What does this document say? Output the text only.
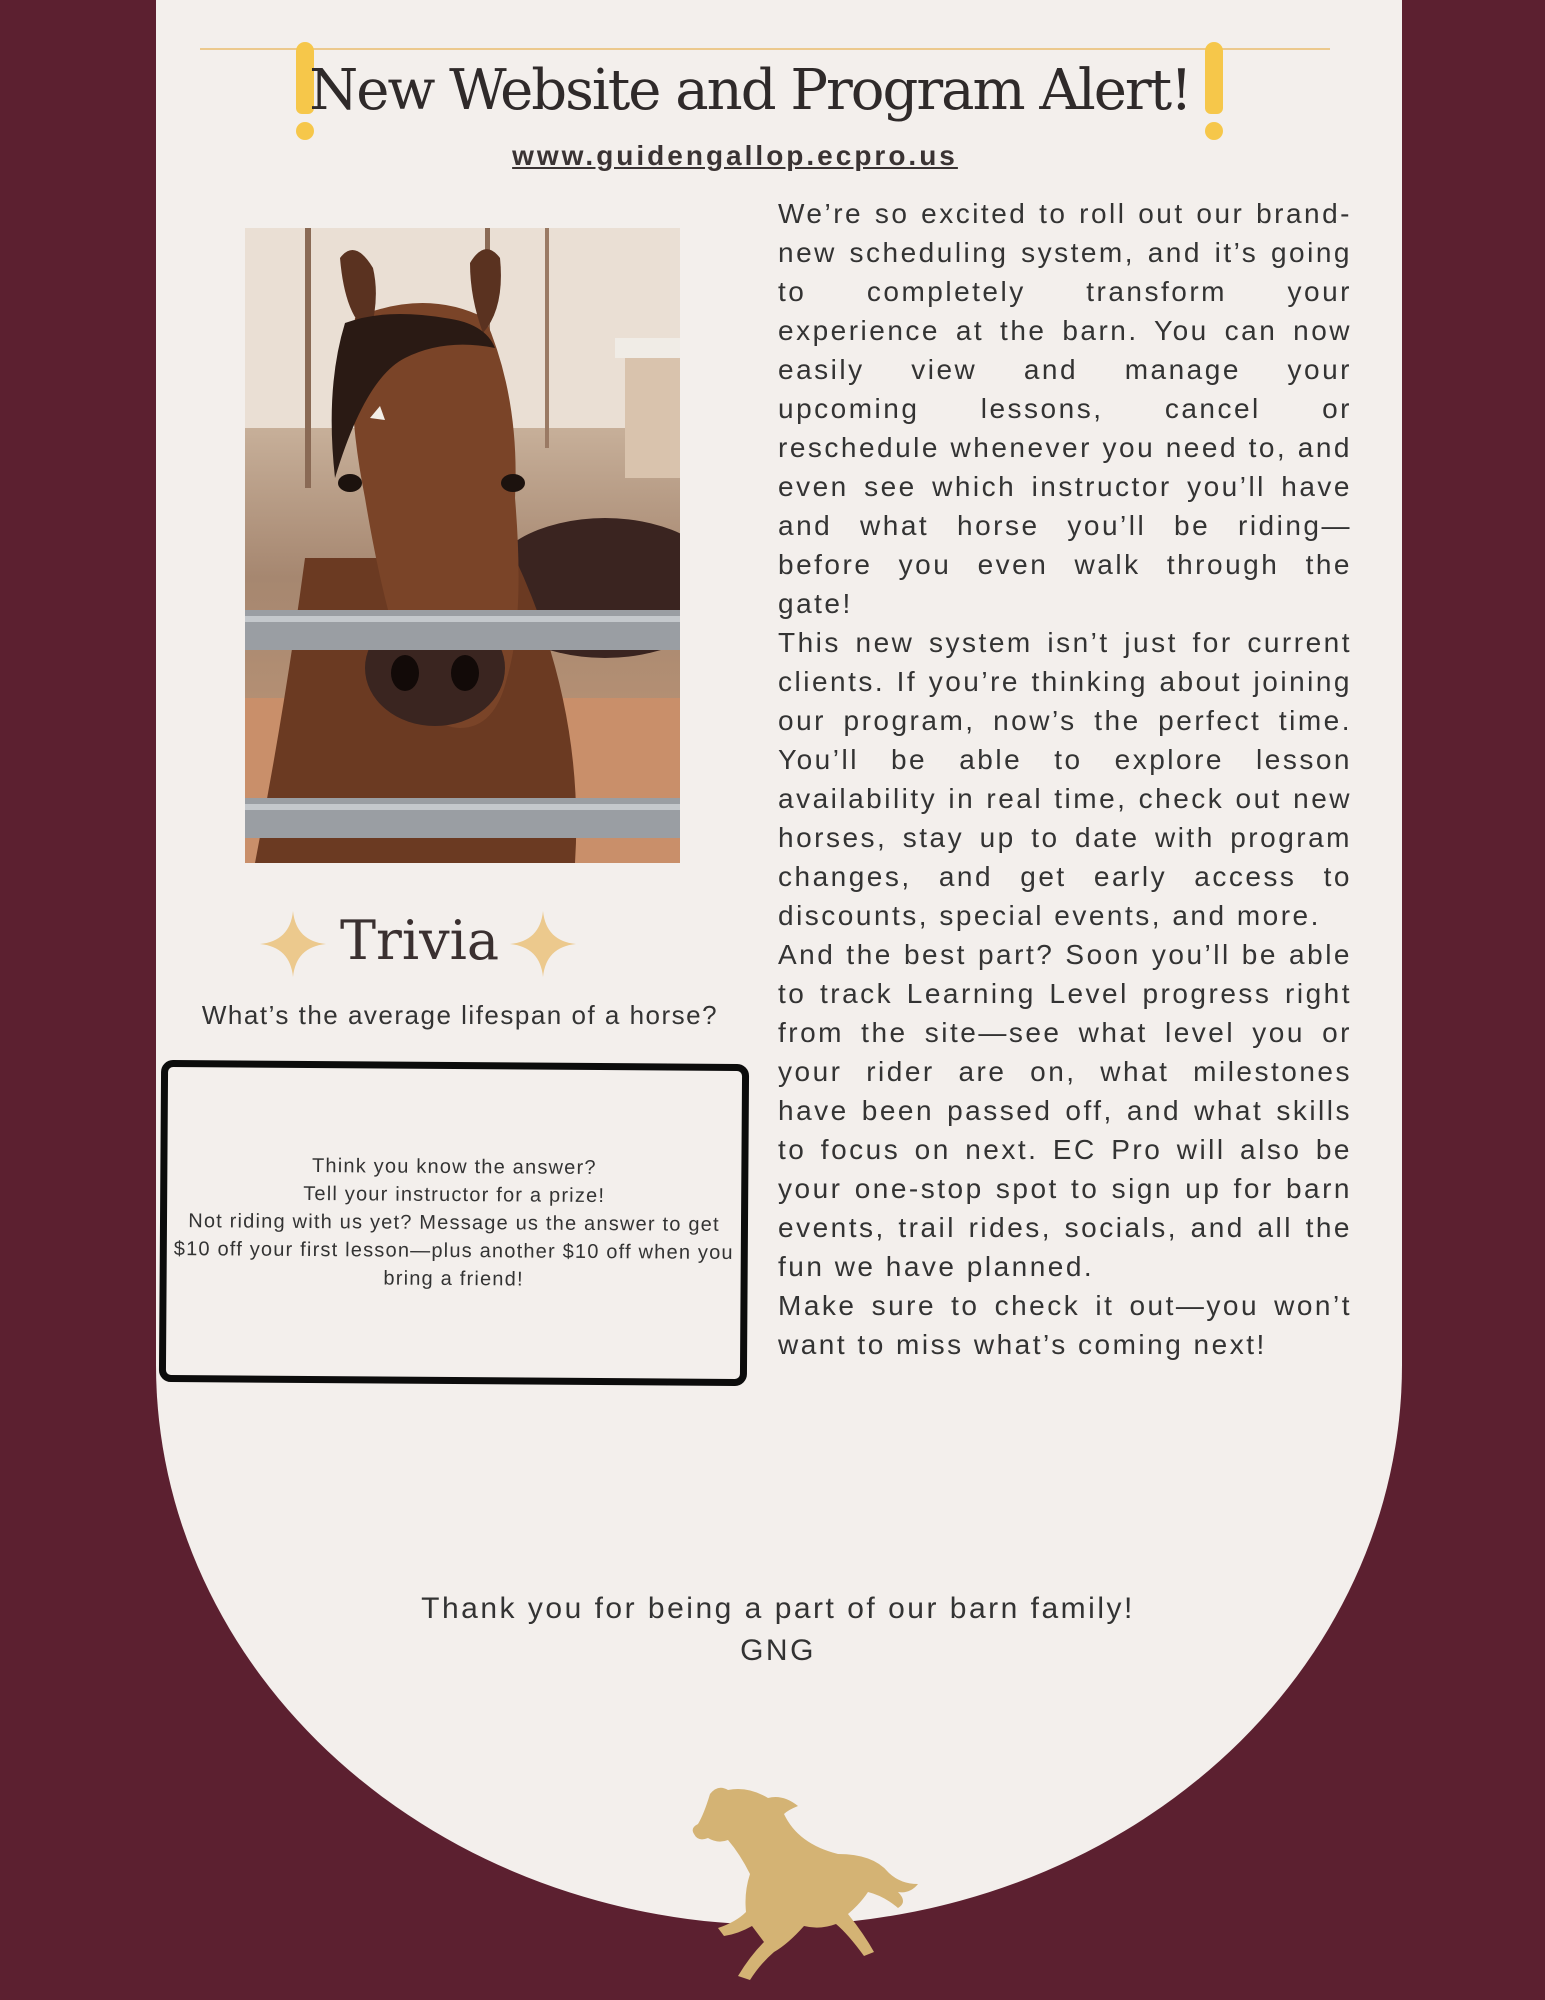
New Website and Program Alert!
www.guidengallop.ecpro.us
Trivia
What’s the average lifespan of a horse?
Think you know the answer?
Tell your instructor for a prize!
Not riding with us yet? Message us the answer to get $10 off your first lesson—plus another $10 off when you bring a friend!

We’re so excited to roll out our brand-new scheduling system, and it’s going to completely transform your experience at the barn. You can now easily view and manage your upcoming lessons, cancel or reschedule whenever you need to, and even see which instructor you’ll have and what horse you’ll be riding—before you even walk through the gate!

This new system isn’t just for current clients. If you’re thinking about joining our program, now’s the perfect time. You’ll be able to explore lesson availability in real time, check out new horses, stay up to date with program changes, and get early access to discounts, special events, and more.

And the best part? Soon you’ll be able to track Learning Level progress right from the site—see what level you or your rider are on, what milestones have been passed off, and what skills to focus on next. EC Pro will also be your one-stop spot to sign up for barn events, trail rides, socials, and all the fun we have planned.

Make sure to check it out—you won’t want to miss what’s coming next!

Thank you for being a part of our barn family!
GNG
